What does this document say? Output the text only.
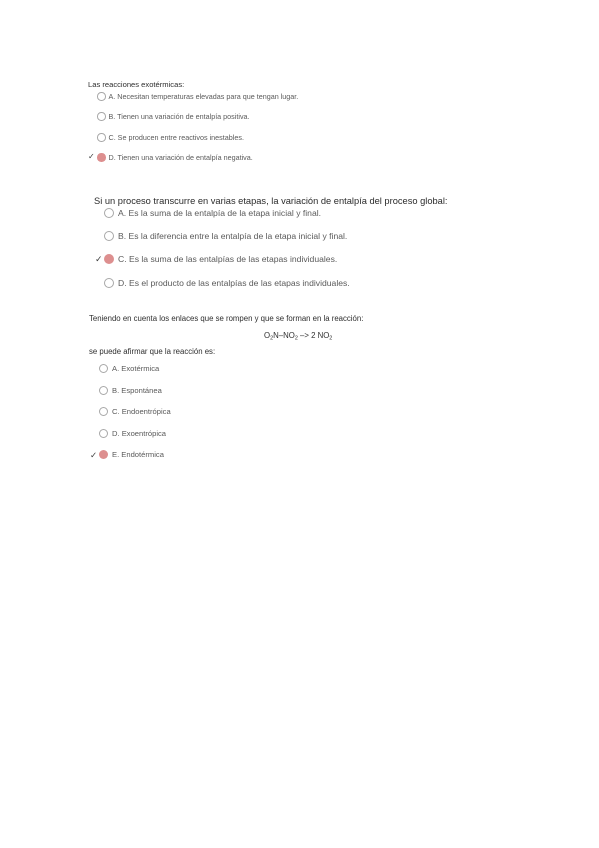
Las reacciones exotérmicas:
A. Necesitan temperaturas elevadas para que tengan lugar.
B. Tienen una variación de entalpía positiva.
C. Se producen entre reactivos inestables.
✓ D. Tienen una variación de entalpía negativa.
Si un proceso transcurre en varias etapas, la variación de entalpía del proceso global:
A. Es la suma de la entalpía de la etapa inicial y final.
B. Es la diferencia entre la entalpía de la etapa inicial y final.
✓ C. Es la suma de las entalpías de las etapas individuales.
D. Es el producto de las entalpías de las etapas individuales.
Teniendo en cuenta los enlaces que se rompen y que se forman en la reacción:
$O_2N-NO_2 -> 2$ $NO_2$
se puede afirmar que la reacción es:
A. Exotérmica
B. Espontánea
C. Endoentrópica
D. Exoentrópica
✓ E. Endotérmica
